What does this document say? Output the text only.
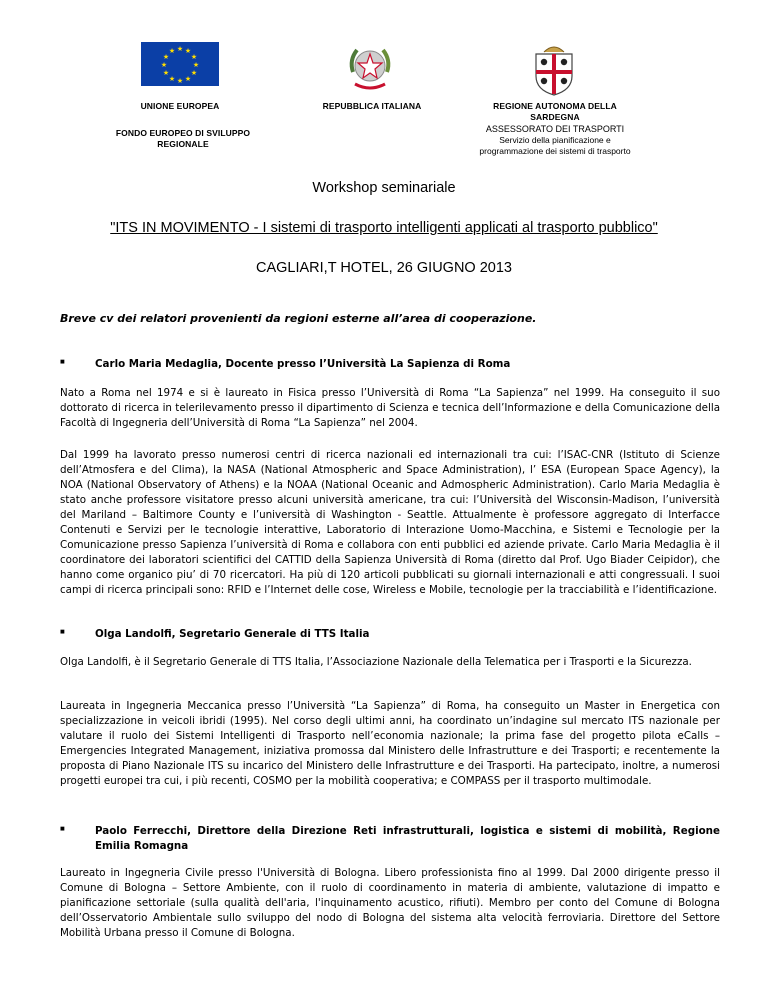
★ ★
★
★
★
★
★
★
★
★
★
★
UNIONE EUROPEA
FONDO EUROPEO DI SVILUPPO REGIONALE
REPUBBLICA ITALIANA	REGIONE AUTONOMA DELLA
SARDEGNA
ASSESSORATO DEI TRASPORTI
Servizio della pianificazione e
programmazione dei sistemi di trasporto
Workshop seminariale
"ITS IN MOVIMENTO - I sistemi di trasporto intelligenti applicati al trasporto pubblico"
CAGLIARI,T HOTEL, 26 GIUGNO 2013
Breve cv dei relatori provenienti da regioni esterne all’area di cooperazione.
■	Carlo Maria Medaglia, Docente presso l’Università La Sapienza di Roma

Nato a Roma nel 1974 e si è laureato in Fisica presso l’Università di Roma “La Sapienza” nel 1999. Ha conseguito il suo dottorato di ricerca in telerilevamento presso il dipartimento di Scienza e tecnica dell’Informazione e della Comunicazione della Facoltà di Ingegneria dell’Università di Roma “La Sapienza” nel 2004.

Dal 1999 ha lavorato presso numerosi centri di ricerca nazionali ed internazionali tra cui: l’ISAC-CNR (Istituto di Scienze dell’Atmosfera e del Clima), la NASA (National Atmospheric and Space Administration), l’ ESA (European Space Agency), la NOA (National Observatory of Athens) e la NOAA (National Oceanic and Admospheric Administration). Carlo Maria Medaglia è stato anche professore visitatore presso alcuni università americane, tra cui: l’Università del Wisconsin-Madison, l’università del Mariland – Baltimore County e l’università di Washington - Seattle. Attualmente è professore aggregato di Interfacce Contenuti e Servizi per le tecnologie interattive, Laboratorio di Interazione Uomo-Macchina, e Sistemi e Tecnologie per la Comunicazione presso Sapienza l’università di Roma e collabora con enti pubblici ed aziende private. Carlo Maria Medaglia è il coordinatore dei laboratori scientifici del CATTID della Sapienza Università di Roma (diretto dal Prof. Ugo Biader Ceipidor), che hanno come organico piu’ di 70 ricercatori. Ha più di 120 articoli pubblicati su giornali internazionali e atti congressuali. I suoi campi di ricerca principali sono: RFID e l’Internet delle cose, Wireless e Mobile, tecnologie per la tracciabilità e l’identificazione.

■	Olga Landolfi, Segretario Generale di TTS Italia

Olga Landolfi, è il Segretario Generale di TTS Italia, l’Associazione Nazionale della Telematica per i Trasporti e la Sicurezza.

Laureata in Ingegneria Meccanica presso l’Università “La Sapienza” di Roma, ha conseguito un Master in Energetica con specializzazione in veicoli ibridi (1995). Nel corso degli ultimi anni, ha coordinato un’indagine sul mercato ITS nazionale per valutare il ruolo dei Sistemi Intelligenti di Trasporto nell’economia nazionale; la prima fase del progetto pilota eCalls – Emergencies Integrated Management, iniziativa promossa dal Ministero delle Infrastrutture e dei Trasporti; e recentemente la proposta di Piano Nazionale ITS su incarico del Ministero delle Infrastrutture e dei Trasporti. Ha partecipato, inoltre, a numerosi progetti europei tra cui, i più recenti, COSMO per la mobilità cooperativa; e COMPASS per il trasporto multimodale.

■	Paolo Ferrecchi, Direttore della Direzione Reti infrastrutturali, logistica e sistemi di mobilità, Regione Emilia Romagna

Laureato in Ingegneria Civile presso l'Università di Bologna. Libero professionista fino al 1999. Dal 2000 dirigente presso il Comune di Bologna – Settore Ambiente, con il ruolo di coordinamento in materia di ambiente, valutazione di impatto e pianificazione settoriale (sulla qualità dell'aria, l'inquinamento acustico, rifiuti). Membro per conto del Comune di Bologna dell’Osservatorio Ambientale sullo sviluppo del nodo di Bologna del sistema alta velocità ferroviaria. Direttore del Settore Mobilità Urbana presso il Comune di Bologna.
